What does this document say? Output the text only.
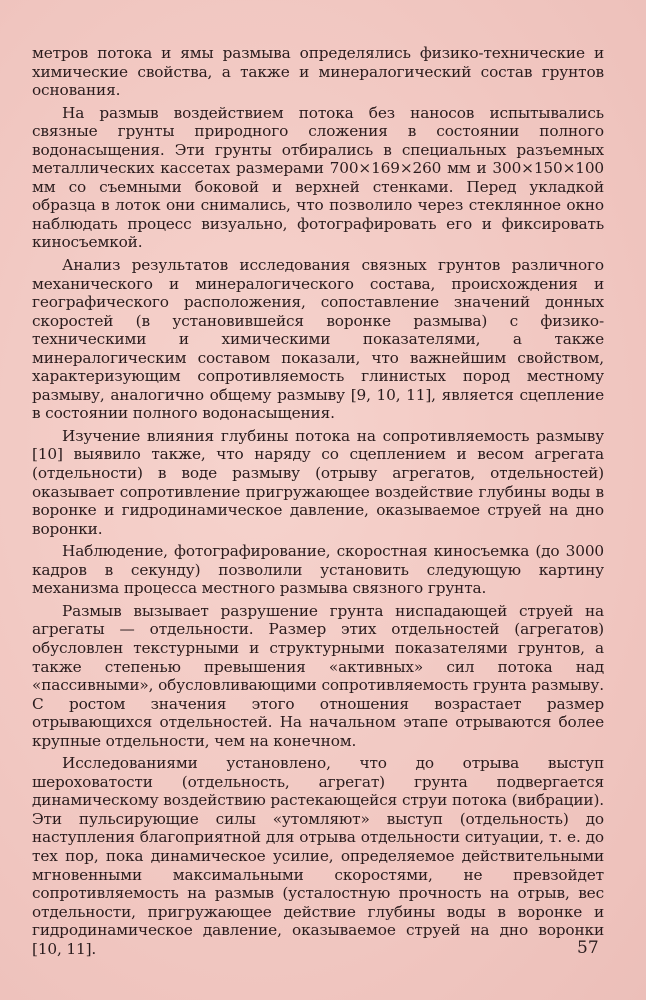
метров потока и ямы размыва определялись физико-технические и химические свойства, а также и минералогический состав грунтов основания.

На размыв воздействием потока без наносов испытывались связные грунты природного сложения в состоянии полного водонасыщения. Эти грунты отбирались в специальных разъемных металлических кассетах размерами 700×169×260 мм и 300×150×100 мм со съемными боковой и верхней стенками. Перед укладкой образца в лоток они снимались, что позволило через стеклянное окно наблюдать процесс визуально, фотографировать его и фиксировать киносъемкой.

Анализ результатов исследования связных грунтов различного механического и минералогического состава, происхождения и географического расположения, сопоставление значений донных скоростей (в установившейся воронке размыва) с физико-техническими и химическими показателями, а также минералогическим составом показали, что важнейшим свойством, характеризующим сопротивляемость глинистых пород местному размыву, аналогично общему размыву [9, 10, 11], является сцепление в состоянии полного водонасыщения.

Изучение влияния глубины потока на сопротивляемость размыву [10] выявило также, что наряду со сцеплением и весом агрегата (отдельности) в воде размыву (отрыву агрегатов, отдельностей) оказывает сопротивление пригружающее воздействие глубины воды в воронке и гидродинамическое давление, оказываемое струей на дно воронки.

Наблюдение, фотографирование, скоростная киносъемка (до 3000 кадров в секунду) позволили установить следующую картину механизма процесса местного размыва связного грунта.

Размыв вызывает разрушение грунта ниспадающей струей на агрегаты — отдельности. Размер этих отдельностей (агрегатов) обусловлен текстурными и структурными показателями грунтов, а также степенью превышения «активных» сил потока над «пассивными», обусловливающими сопротивляемость грунта размыву. С ростом значения этого отношения возрастает размер отрывающихся отдельностей. На начальном этапе отрываются более крупные отдельности, чем на конечном.

Исследованиями установлено, что до отрыва выступ шероховатости (отдельность, агрегат) грунта подвергается динамическому воздействию растекающейся струи потока (вибрации). Эти пульсирующие силы «утомляют» выступ (отдельность) до наступления благоприятной для отрыва отдельности ситуации, т. е. до тех пор, пока динамическое усилие, определяемое действительными мгновенными максимальными скоростями, не превзойдет сопротивляемость на размыв (усталостную прочность на отрыв, вес отдельности, пригружающее действие глубины воды в воронке и гидродинамическое давление, оказываемое струей на дно воронки [10, 11].	57
